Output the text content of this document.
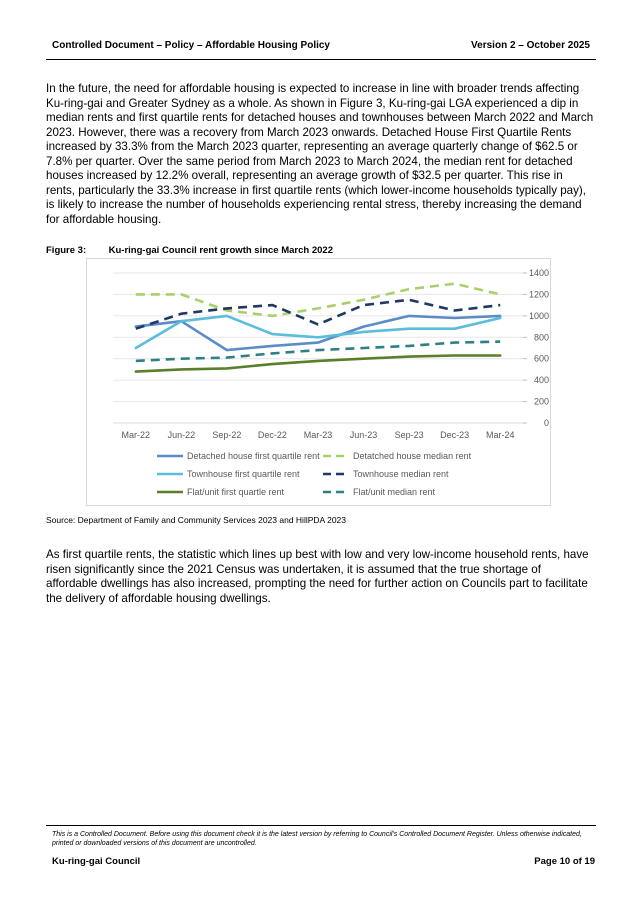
Controlled Document – Policy – Affordable Housing Policy	Version 2 – October 2025

In the future, the need for affordable housing is expected to increase in line with broader trends affecting Ku-ring-gai and Greater Sydney as a whole. As shown in Figure 3, Ku-ring-gai LGA experienced a dip in median rents and first quartile rents for detached houses and townhouses between March 2022 and March 2023. However, there was a recovery from March 2023 onwards. Detached House First Quartile Rents increased by 33.3% from the March 2023 quarter, representing an average quarterly change of $62.5 or 7.8% per quarter. Over the same period from March 2023 to March 2024, the median rent for detached houses increased by 12.2% overall, representing an average growth of $32.5 per quarter. This rise in rents, particularly the 33.3% increase in first quartile rents (which lower-income households typically pay), is likely to increase the number of households experiencing rental stress, thereby increasing the demand for affordable housing.

Figure 3: Ku-ring-gai Council rent growth since March 2022
0
200
400
600
800
1000
1200
1400
Mar-22 Jun-22 Sep-22 Dec-22 Mar-23 Jun-23 Sep-23 Dec-23 Mar-24
Detached house first quartile rent	Detatched house median rent
Townhouse first quartile rent	Townhouse median rent
Flat/unit first quartle rent	Flat/unit median rent

Source: Department of Family and Community Services 2023 and HillPDA 2023

As first quartile rents, the statistic which lines up best with low and very low-income household rents, have risen significantly since the 2021 Census was undertaken, it is assumed that the true shortage of affordable dwellings has also increased, prompting the need for further action on Councils part to facilitate the delivery of affordable housing dwellings.

This is a Controlled Document. Before using this document check it is the latest version by referring to Council's Controlled Document Register. Unless otherwise indicated, printed or downloaded versions of this document are uncontrolled.

Ku-ring-gai Council	Page 10 of 19
